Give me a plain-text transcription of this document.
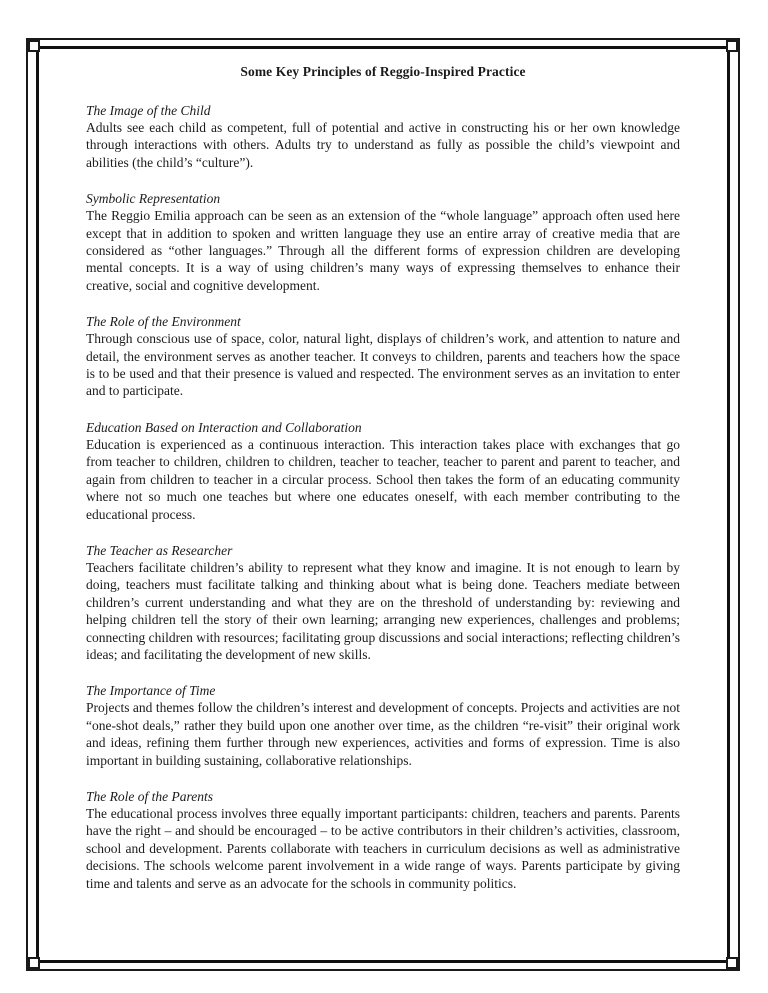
Some Key Principles of Reggio-Inspired Practice

The Image of the Child

Adults see each child as competent, full of potential and active in constructing his or her own knowledge through interactions with others. Adults try to understand as fully as possible the child’s viewpoint and abilities (the child’s “culture”).

Symbolic Representation

The Reggio Emilia approach can be seen as an extension of the “whole language” approach often used here except that in addition to spoken and written language they use an entire array of creative media that are considered as “other languages.” Through all the different forms of expression children are developing mental concepts. It is a way of using children’s many ways of expressing themselves to enhance their creative, social and cognitive development.

The Role of the Environment

Through conscious use of space, color, natural light, displays of children’s work, and attention to nature and detail, the environment serves as another teacher. It conveys to children, parents and teachers how the space is to be used and that their presence is valued and respected. The environment serves as an invitation to enter and to participate.

Education Based on Interaction and Collaboration

Education is experienced as a continuous interaction. This interaction takes place with exchanges that go from teacher to children, children to children, teacher to teacher, teacher to parent and parent to teacher, and again from children to teacher in a circular process. School then takes the form of an educating community where not so much one teaches but where one educates oneself, with each member contributing to the educational process.

The Teacher as Researcher

Teachers facilitate children’s ability to represent what they know and imagine. It is not enough to learn by doing, teachers must facilitate talking and thinking about what is being done. Teachers mediate between children’s current understanding and what they are on the threshold of understanding by: reviewing and helping children tell the story of their own learning; arranging new experiences, challenges and problems; connecting children with resources; facilitating group discussions and social interactions; reflecting children’s ideas; and facilitating the development of new skills.

The Importance of Time

Projects and themes follow the children’s interest and development of concepts. Projects and activities are not “one-shot deals,” rather they build upon one another over time, as the children “re-visit” their original work and ideas, refining them further through new experiences, activities and forms of expression. Time is also important in building sustaining, collaborative relationships.

The Role of the Parents

The educational process involves three equally important participants: children, teachers and parents. Parents have the right – and should be encouraged – to be active contributors in their children’s activities, classroom, school and development. Parents collaborate with teachers in curriculum decisions as well as administrative decisions. The schools welcome parent involvement in a wide range of ways. Parents participate by giving time and talents and serve as an advocate for the schools in community politics.
